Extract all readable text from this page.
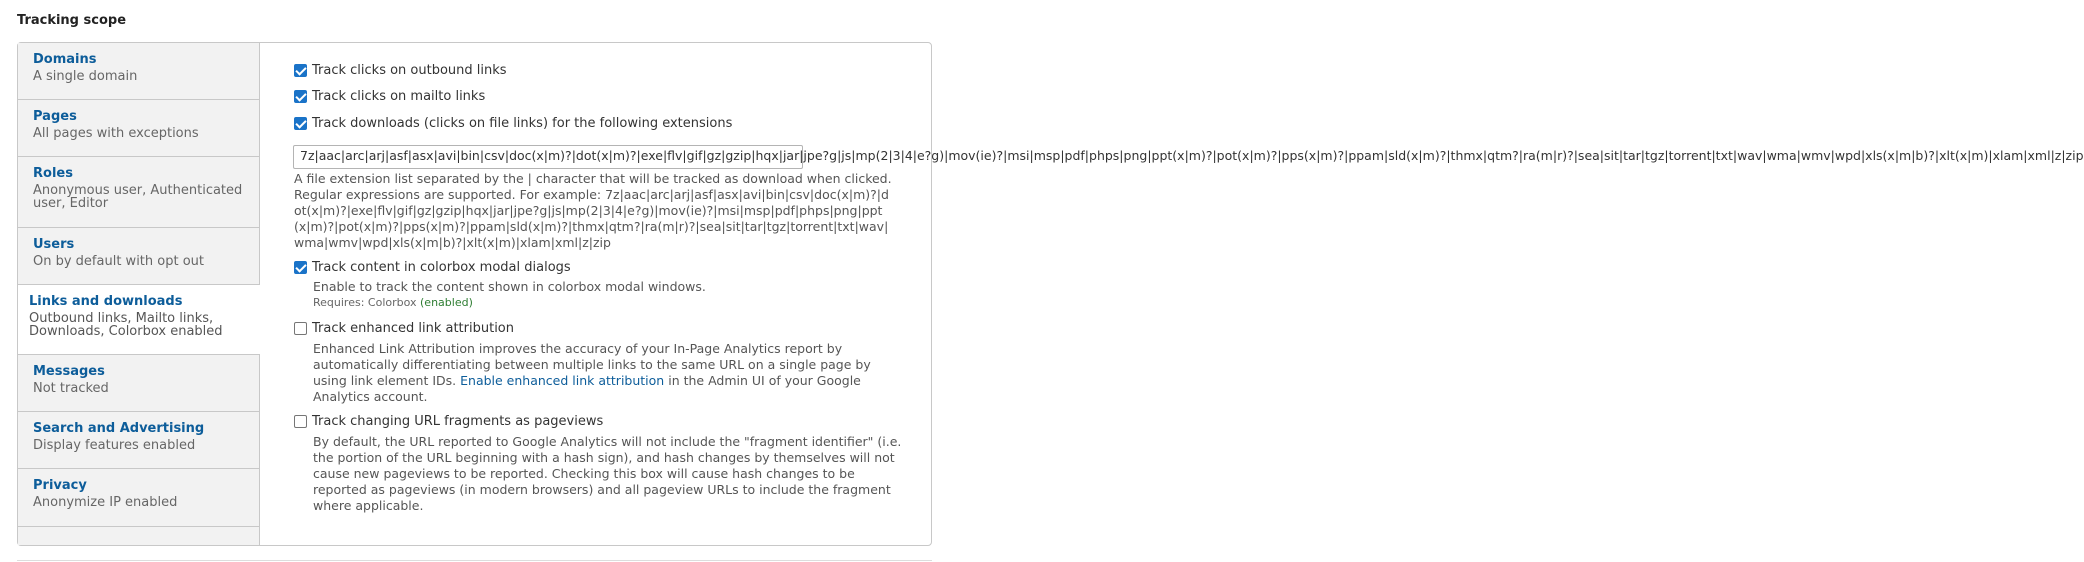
Tracking scope
Domains
A single domain
Pages
All pages with exceptions
Roles
Anonymous user, Authenticated
user, Editor
Users
On by default with opt out
Links and downloads
Outbound links, Mailto links,
Downloads, Colorbox enabled
Messages
Not tracked
Search and Advertising
Display features enabled
Privacy
Anonymize IP enabled
Track clicks on outbound links
Track clicks on mailto links
Track downloads (clicks on file links) for the following extensions
7z|aac|arc|arj|asf|asx|avi|bin|csv|doc(x|m)?|dot(x|m)?|exe|flv|gif|gz|gzip|hqx|jar|jpe?g|js|mp(2|3|4|e?g)|mov(ie)?|msi|msp|pdf|phps|png|ppt(x|m)?|pot(x|m)?|pps(x|m)?|ppam|sld(x|m)?|thmx|qtm?|ra(m|r)?|sea|sit|tar|tgz|torrent|txt|wav|wma|wmv|wpd|xls(x|m|b)?|xlt(x|m)|xlam|xml|z|zip
A file extension list separated by the | character that will be tracked as download when clicked. Regular expressions are supported. For example: 7z|aac|arc|arj|asf|asx|avi|bin|csv|doc(x|m)?|dot(x|m)?|exe|flv|gif|gz|gzip|hqx|jar|jpe?g|js|mp(2|3|4|e?g)|mov(ie)?|msi|msp|pdf|phps|png|ppt(x|m)?|pot(x|m)?|pps(x|m)?|ppam|sld(x|m)?|thmx|qtm?|ra(m|r)?|sea|sit|tar|tgz|torrent|txt|wav|wma|wmv|wpd|xls(x|m|b)?|xlt(x|m)|xlam|xml|z|zip
Track content in colorbox modal dialogs
Enable to track the content shown in colorbox modal windows.
Requires: Colorbox (enabled)
Track enhanced link attribution
Enhanced Link Attribution improves the accuracy of your In-Page Analytics report by automatically differentiating between multiple links to the same URL on a single page by using link element IDs. Enable enhanced link attribution in the Admin UI of your Google Analytics account.
Track changing URL fragments as pageviews
By default, the URL reported to Google Analytics will not include the "fragment identifier" (i.e. the portion of the URL beginning with a hash sign), and hash changes by themselves will not cause new pageviews to be reported. Checking this box will cause hash changes to be reported as pageviews (in modern browsers) and all pageview URLs to include the fragment where applicable.
